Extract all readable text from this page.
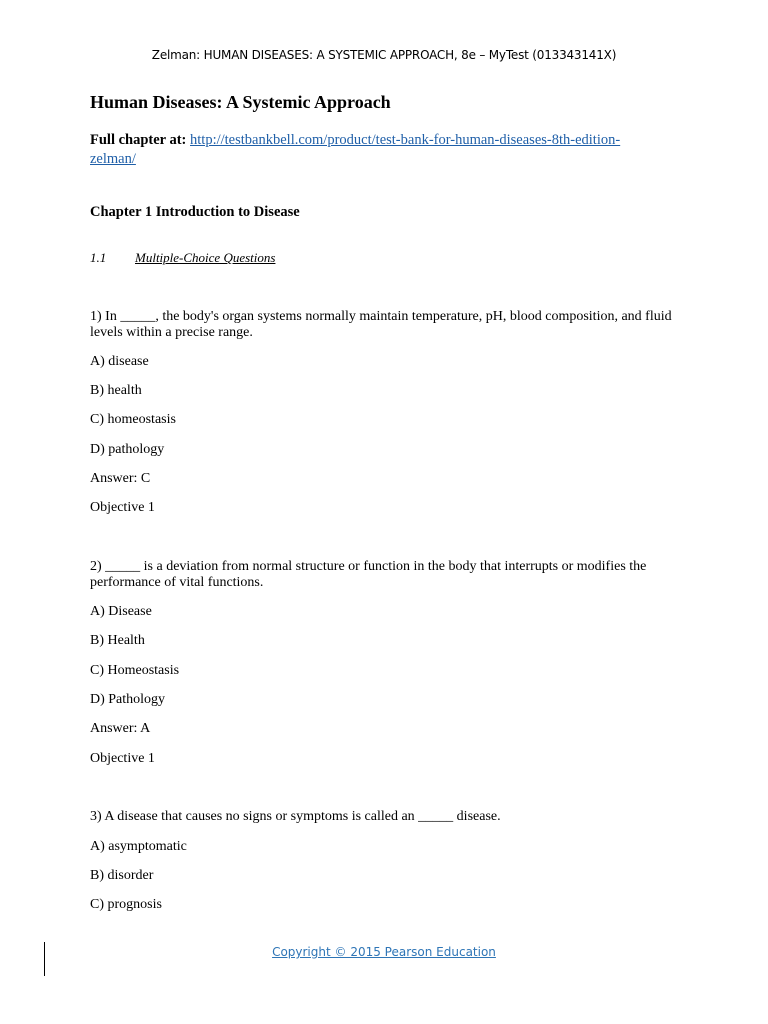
Zelman: HUMAN DISEASES: A SYSTEMIC APPROACH, 8e – MyTest (013343141X)
Human Diseases: A Systemic Approach
Full chapter at: http://testbankbell.com/product/test-bank-for-human-diseases-8th-edition-
zelman/
Chapter 1 Introduction to Disease
1.1 Multiple-Choice Questions
1) In _____, the body's organ systems normally maintain temperature, pH, blood composition, and fluid
levels within a precise range.
A) disease
B) health
C) homeostasis
D) pathology
Answer: C
Objective 1
2) _____ is a deviation from normal structure or function in the body that interrupts or modifies the
performance of vital functions.
A) Disease
B) Health
C) Homeostasis
D) Pathology
Answer: A
Objective 1
3) A disease that causes no signs or symptoms is called an _____ disease.
A) asymptomatic
B) disorder
C) prognosis
Copyright © 2015 Pearson Education
